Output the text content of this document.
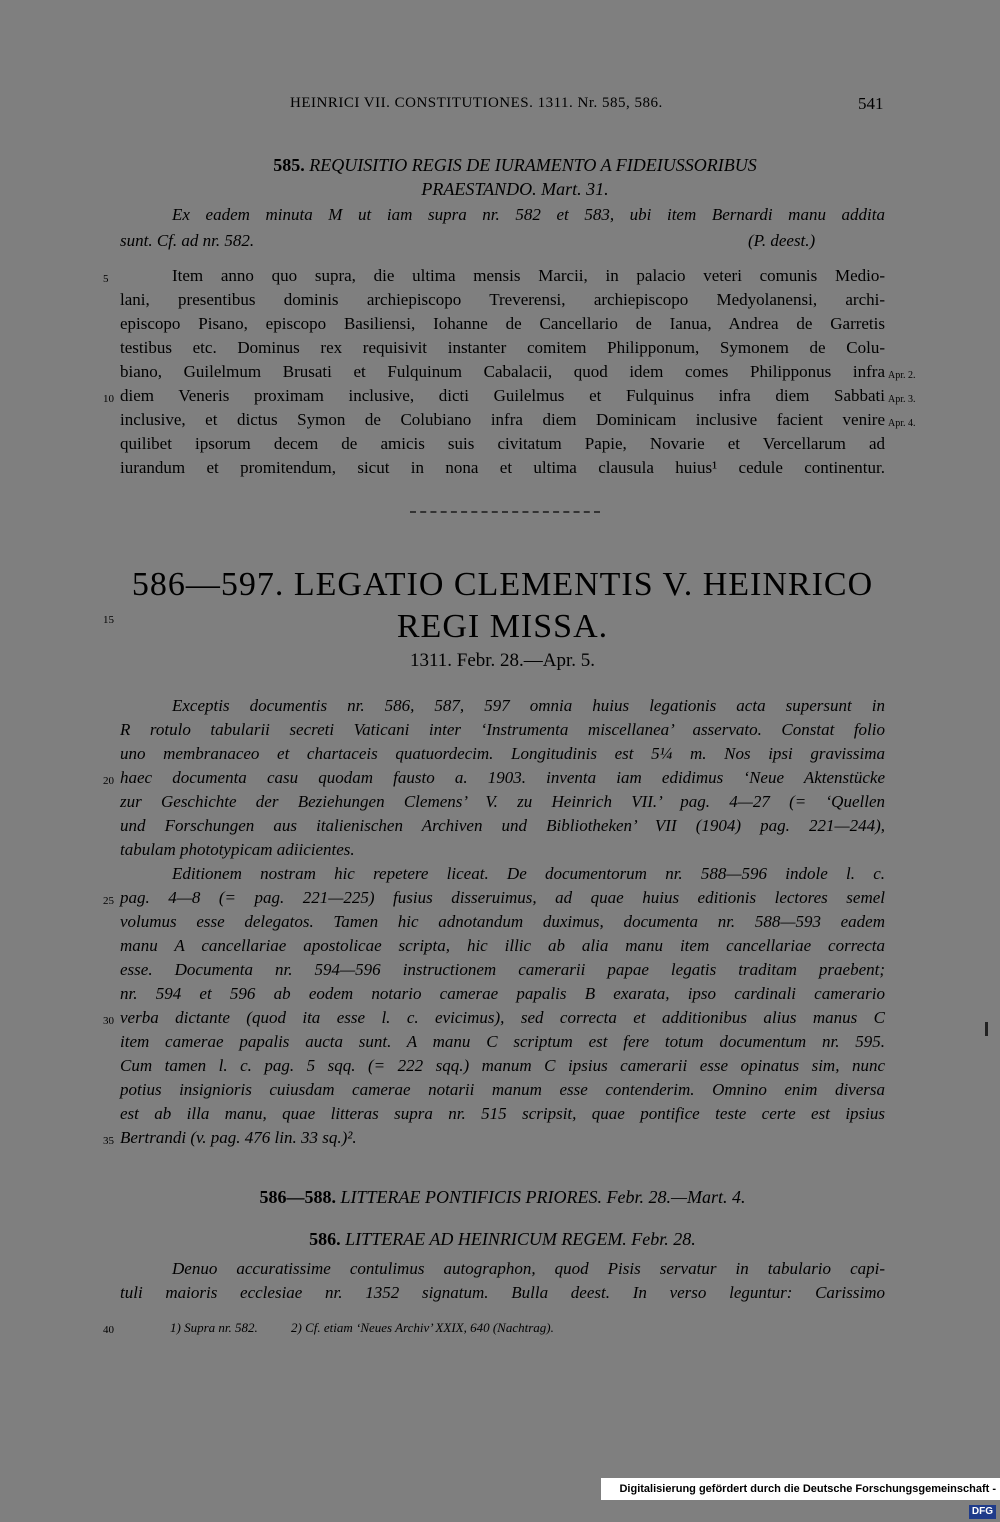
HEINRICI VII. CONSTITUTIONES. 1311. Nr. 585, 586.	541
585. REQUISITIO REGIS DE IURAMENTO A FIDEIUSSORIBUS
PRAESTANDO. Mart. 31.
Ex eadem minuta M ut iam supra nr. 582 et 583, ubi item Bernardi manu addita
sunt. Cf. ad nr. 582.	(P. deest.)
Item anno quo supra, die ultima mensis Marcii, in palacio veteri comunis Medio-
lani, presentibus dominis archiepiscopo Treverensi, archiepiscopo Medyolanensi, archi-
episcopo Pisano, episcopo Basiliensi, Iohanne de Cancellario de Ianua, Andrea de Garretis
testibus etc. Dominus rex requisivit instanter comitem Philipponum, Symonem de Colu-
biano, Guilelmum Brusati et Fulquinum Cabalacii, quod idem comes Philipponus infra
diem Veneris proximam inclusive, dicti Guilelmus et Fulquinus infra diem Sabbati
inclusive, et dictus Symon de Colubiano infra diem Dominicam inclusive facient venire
quilibet ipsorum decem de amicis suis civitatum Papie, Novarie et Vercellarum ad
iurandum et promitendum, sicut in nona et ultima clausula huius¹ cedule continentur.
Apr. 2.
Apr. 3.
Apr. 4.
586—597. LEGATIO CLEMENTIS V. HEINRICO
REGI MISSA.
1311. Febr. 28.—Apr. 5.
Exceptis documentis nr. 586, 587, 597 omnia huius legationis acta supersunt in
R rotulo tabularii secreti Vaticani inter ‘Instrumenta miscellanea’ asservato. Constat folio
uno membranaceo et chartaceis quatuordecim. Longitudinis est 5¼ m. Nos ipsi gravissima
haec documenta casu quodam fausto a. 1903. inventa iam edidimus ‘Neue Aktenstücke
zur Geschichte der Beziehungen Clemens’ V. zu Heinrich VII.’ pag. 4—27 (= ‘Quellen
und Forschungen aus italienischen Archiven und Bibliotheken’ VII (1904) pag. 221—244),
tabulam phototypicam adiicientes.
Editionem nostram hic repetere liceat. De documentorum nr. 588—596 indole l. c.
pag. 4—8 (= pag. 221—225) fusius disseruimus, ad quae huius editionis lectores semel
volumus esse delegatos. Tamen hic adnotandum duximus, documenta nr. 588—593 eadem
manu A cancellariae apostolicae scripta, hic illic ab alia manu item cancellariae correcta
esse. Documenta nr. 594—596 instructionem camerarii papae legatis traditam praebent;
nr. 594 et 596 ab eodem notario camerae papalis B exarata, ipso cardinali camerario
verba dictante (quod ita esse l. c. evicimus), sed correcta et additionibus alius manus C
item camerae papalis aucta sunt. A manu C scriptum est fere totum documentum nr. 595.
Cum tamen l. c. pag. 5 sqq. (= 222 sqq.) manum C ipsius camerarii esse opinatus sim, nunc
potius insignioris cuiusdam camerae notarii manum esse contenderim. Omnino enim diversa
est ab illa manu, quae litteras supra nr. 515 scripsit, quae pontifice teste certe est ipsius
Bertrandi (v. pag. 476 lin. 33 sq.)².
586—588. LITTERAE PONTIFICIS PRIORES. Febr. 28.—Mart. 4.
586. LITTERAE AD HEINRICUM REGEM. Febr. 28.
Denuo accuratissime contulimus autographon, quod Pisis servatur in tabulario capi-
tuli maioris ecclesiae nr. 1352 signatum. Bulla deest. In verso leguntur: Carissimo
5
10
15
20
25
30
35
40	1) Supra nr. 582.	2) Cf. etiam ‘Neues Archiv’ XXIX, 640 (Nachtrag).
Digitalisierung gefördert durch die Deutsche Forschungsgemeinschaft - DFG
